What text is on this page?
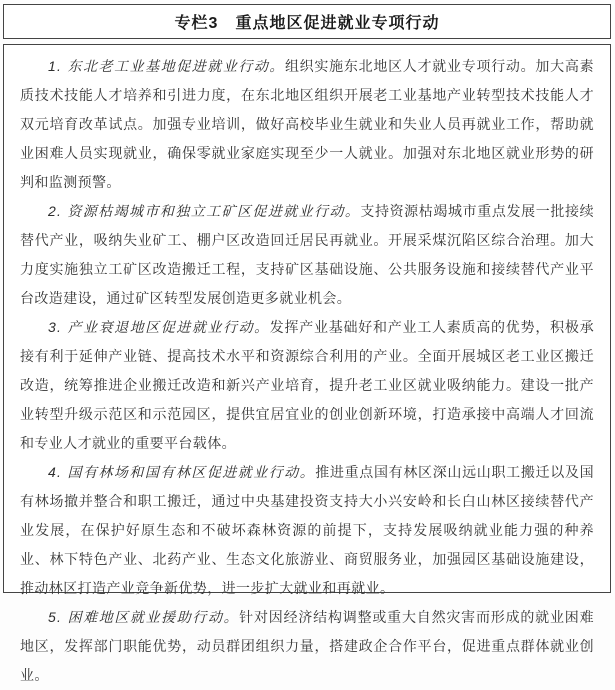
专栏3　重点地区促进就业专项行动

1. 东北老工业基地促进就业行动。组织实施东北地区人才就业专项行动。加大高素质技术技能人才培养和引进力度，在东北地区组织开展老工业基地产业转型技术技能人才双元培育改革试点。加强专业培训，做好高校毕业生就业和失业人员再就业工作，帮助就业困难人员实现就业，确保零就业家庭实现至少一人就业。加强对东北地区就业形势的研判和监测预警。

2. 资源枯竭城市和独立工矿区促进就业行动。支持资源枯竭城市重点发展一批接续替代产业，吸纳失业矿工、棚户区改造回迁居民再就业。开展采煤沉陷区综合治理。加大力度实施独立工矿区改造搬迁工程，支持矿区基础设施、公共服务设施和接续替代产业平台改造建设，通过矿区转型发展创造更多就业机会。

3. 产业衰退地区促进就业行动。发挥产业基础好和产业工人素质高的优势，积极承接有利于延伸产业链、提高技术水平和资源综合利用的产业。全面开展城区老工业区搬迁改造，统筹推进企业搬迁改造和新兴产业培育，提升老工业区就业吸纳能力。建设一批产业转型升级示范区和示范园区，提供宜居宜业的创业创新环境，打造承接中高端人才回流和专业人才就业的重要平台载体。

4. 国有林场和国有林区促进就业行动。推进重点国有林区深山远山职工搬迁以及国有林场撤并整合和职工搬迁，通过中央基建投资支持大小兴安岭和长白山林区接续替代产业发展，在保护好原生态和不破坏森林资源的前提下，支持发展吸纳就业能力强的种养业、林下特色产业、北药产业、生态文化旅游业、商贸服务业，加强园区基础设施建设，推动林区打造产业竞争新优势，进一步扩大就业和再就业。

5. 困难地区就业援助行动。针对因经济结构调整或重大自然灾害而形成的就业困难地区，发挥部门职能优势，动员群团组织力量，搭建政企合作平台，促进重点群体就业创业。
